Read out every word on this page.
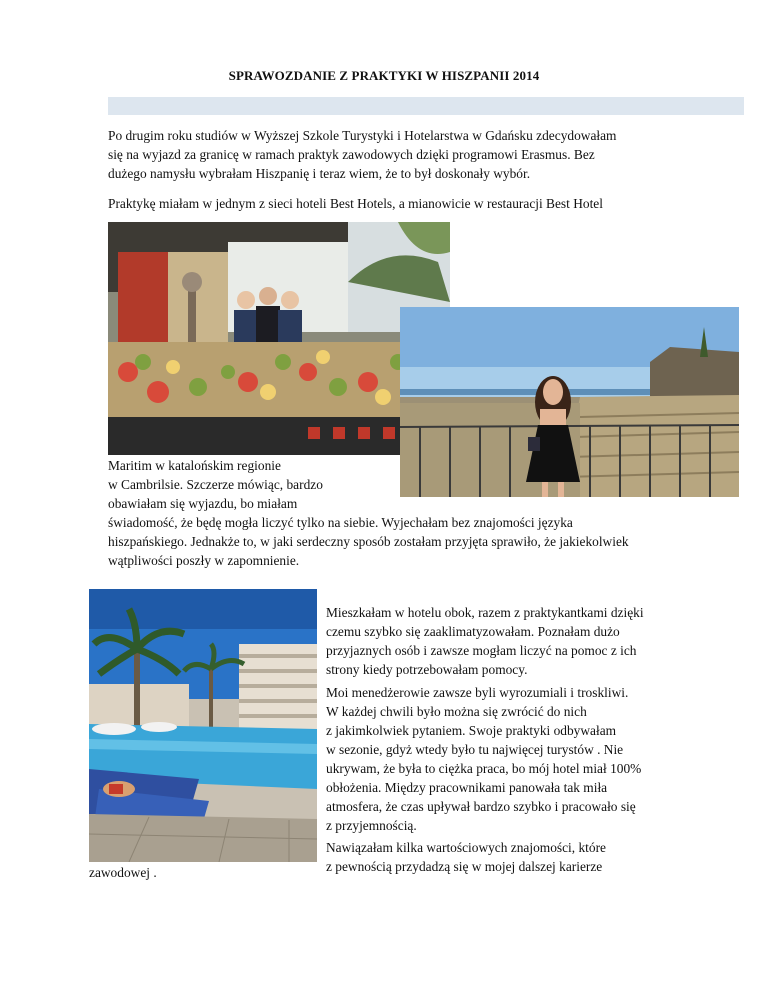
SPRAWOZDANIE Z PRAKTYKI W HISZPANII 2014
Po drugim roku studiów w Wyższej Szkole Turystyki i Hotelarstwa w Gdańsku zdecydowałam
się na wyjazd za granicę w ramach praktyk zawodowych dzięki programowi Erasmus. Bez
dużego namysłu wybrałam Hiszpanię i teraz wiem, że to był doskonały wybór.
Praktykę miałam w jednym z sieci hoteli Best Hotels, a mianowicie w restauracji Best Hotel
Maritim w katalońskim regionie
w Cambrilsie. Szczerze mówiąc, bardzo
obawiałam się wyjazdu, bo miałam
świadomość, że będę mogła liczyć tylko na siebie. Wyjechałam bez znajomości języka
hiszpańskiego. Jednakże to, w jaki serdeczny sposób zostałam przyjęta sprawiło, że jakiekolwiek
wątpliwości poszły w zapomnienie.
Mieszkałam w hotelu obok, razem z praktykantkami dzięki
czemu szybko się zaaklimatyzowałam. Poznałam dużo
przyjaznych osób i zawsze mogłam liczyć na pomoc z ich
strony kiedy potrzebowałam pomocy.
Moi menedżerowie zawsze byli wyrozumiali i troskliwi.
W każdej chwili było można się zwrócić do nich
z jakimkolwiek pytaniem. Swoje praktyki odbywałam
w sezonie, gdyż wtedy było tu najwięcej turystów . Nie
ukrywam, że była to ciężka praca, bo mój hotel miał 100%
obłożenia. Między pracownikami panowała tak miła
atmosfera, że czas upływał bardzo szybko i pracowało się
z przyjemnością.
Nawiązałam kilka wartościowych znajomości, które
z pewnością przydadzą się w mojej dalszej karierze
zawodowej .
